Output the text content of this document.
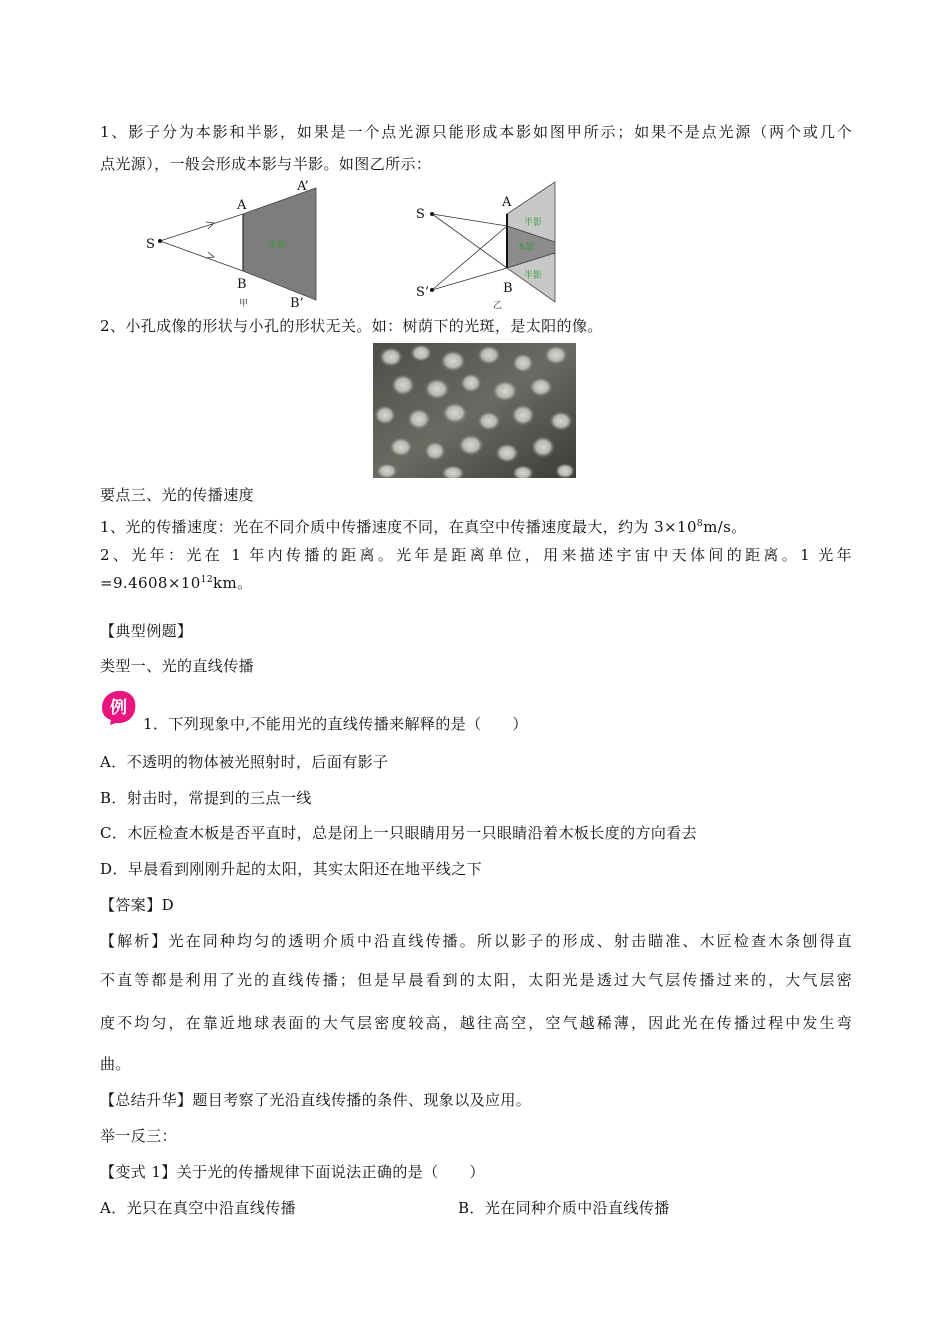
1、影子分为本影和半影，如果是一个点光源只能形成本影如图甲所示；如果不是点光源（两个或几个
点光源），一般会形成本影与半影。如图乙所示：
S
A
B
A’
B’
本影
甲
S
S’
A
B
半影
本影
半影
乙
2、小孔成像的形状与小孔的形状无关。如：树荫下的光斑，是太阳的像。
要点三、光的传播速度
1、光的传播速度：光在不同介质中传播速度不同，在真空中传播速度最大，约为 $3\times 10^8m/s$。
2、光年：光在 1 年内传播的距离。光年是距离单位，用来描述宇宙中天体间的距离。1 光年
$=9.4608\times 10^{12}km$。
【典型例题】
类型一、光的直线传播
例
1．下列现象中,不能用光的直线传播来解释的是（　　）
A．不透明的物体被光照射时，后面有影子
B．射击时，常提到的三点一线
C．木匠检查木板是否平直时，总是闭上一只眼睛用另一只眼睛沿着木板长度的方向看去
D．早晨看到刚刚升起的太阳，其实太阳还在地平线之下
【答案】D
【解析】光在同种均匀的透明介质中沿直线传播。所以影子的形成、射击瞄准、木匠检查木条刨得直
不直等都是利用了光的直线传播；但是早晨看到的太阳，太阳光是透过大气层传播过来的，大气层密
度不均匀，在靠近地球表面的大气层密度较高，越往高空，空气越稀薄，因此光在传播过程中发生弯
曲。
【总结升华】题目考察了光沿直线传播的条件、现象以及应用。
举一反三：
【变式 1】关于光的传播规律下面说法正确的是（　　）
A．光只在真空中沿直线传播	B．光在同种介质中沿直线传播
